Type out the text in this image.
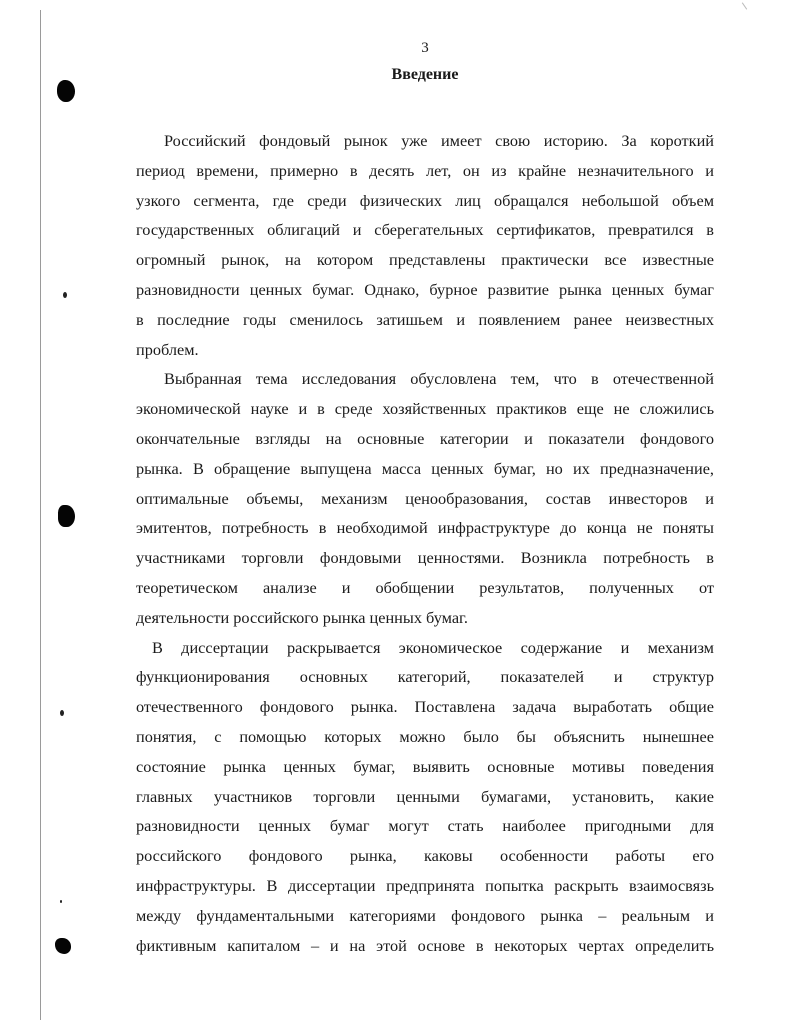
3
Введение
Российский фондовый рынок уже имеет свою историю. За короткий
период времени, примерно в десять лет, он из крайне незначительного и
узкого сегмента, где среди физических лиц обращался небольшой объем
государственных облигаций и сберегательных сертификатов, превратился в
огромный рынок, на котором представлены практически все известные
разновидности ценных бумаг. Однако, бурное развитие рынка ценных бумаг
в последние годы сменилось затишьем и появлением ранее неизвестных
проблем.
Выбранная тема исследования обусловлена тем, что в отечественной
экономической науке и в среде хозяйственных практиков еще не сложились
окончательные взгляды на основные категории и показатели фондового
рынка. В обращение выпущена масса ценных бумаг, но их предназначение,
оптимальные объемы, механизм ценообразования, состав инвесторов и
эмитентов, потребность в необходимой инфраструктуре до конца не поняты
участниками торговли фондовыми ценностями. Возникла потребность в
теоретическом анализе и обобщении результатов, полученных от
деятельности российского рынка ценных бумаг.
В диссертации раскрывается экономическое содержание и механизм
функционирования основных категорий, показателей и структур
отечественного фондового рынка. Поставлена задача выработать общие
понятия, с помощью которых можно было бы объяснить нынешнее
состояние рынка ценных бумаг, выявить основные мотивы поведения
главных участников торговли ценными бумагами, установить, какие
разновидности ценных бумаг могут стать наиболее пригодными для
российского фондового рынка, каковы особенности работы его
инфраструктуры. В диссертации предпринята попытка раскрыть взаимосвязь
между фундаментальными категориями фондового рынка – реальным и
фиктивным капиталом – и на этой основе в некоторых чертах определить
